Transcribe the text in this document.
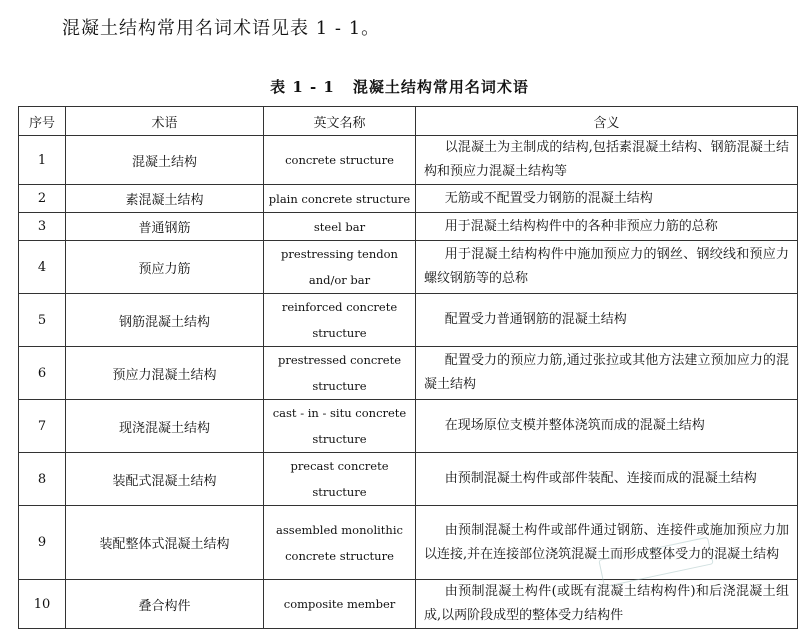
混凝土结构常用名词术语见表 1 - 1。
表 1 - 1 混凝土结构常用名词术语
序号	术语	英文名称	含义
1	混凝土结构	concrete structure	以混凝土为主制成的结构,包括素混凝土结构、钢筋混凝土结构和预应力混凝土结构等
2	素混凝土结构	plain concrete structure	无筋或不配置受力钢筋的混凝土结构
3	普通钢筋	steel bar	用于混凝土结构构件中的各种非预应力筋的总称
4	预应力筋	prestressing tendon and/or bar	用于混凝土结构构件中施加预应力的钢丝、钢绞线和预应力螺纹钢筋等的总称
5	钢筋混凝土结构	reinforced concrete structure	配置受力普通钢筋的混凝土结构
6	预应力混凝土结构	prestressed concrete structure	配置受力的预应力筋,通过张拉或其他方法建立预加应力的混凝土结构
7	现浇混凝土结构	cast - in - situ concrete structure	在现场原位支模并整体浇筑而成的混凝土结构
8	装配式混凝土结构	precast concrete structure	由预制混凝土构件或部件装配、连接而成的混凝土结构
9	装配整体式混凝土结构	assembled monolithic concrete structure	由预制混凝土构件或部件通过钢筋、连接件或施加预应力加以连接,并在连接部位浇筑混凝土而形成整体受力的混凝土结构
10	叠合构件	composite member	由预制混凝土构件(或既有混凝土结构构件)和后浇混凝土组成,以两阶段成型的整体受力结构件
